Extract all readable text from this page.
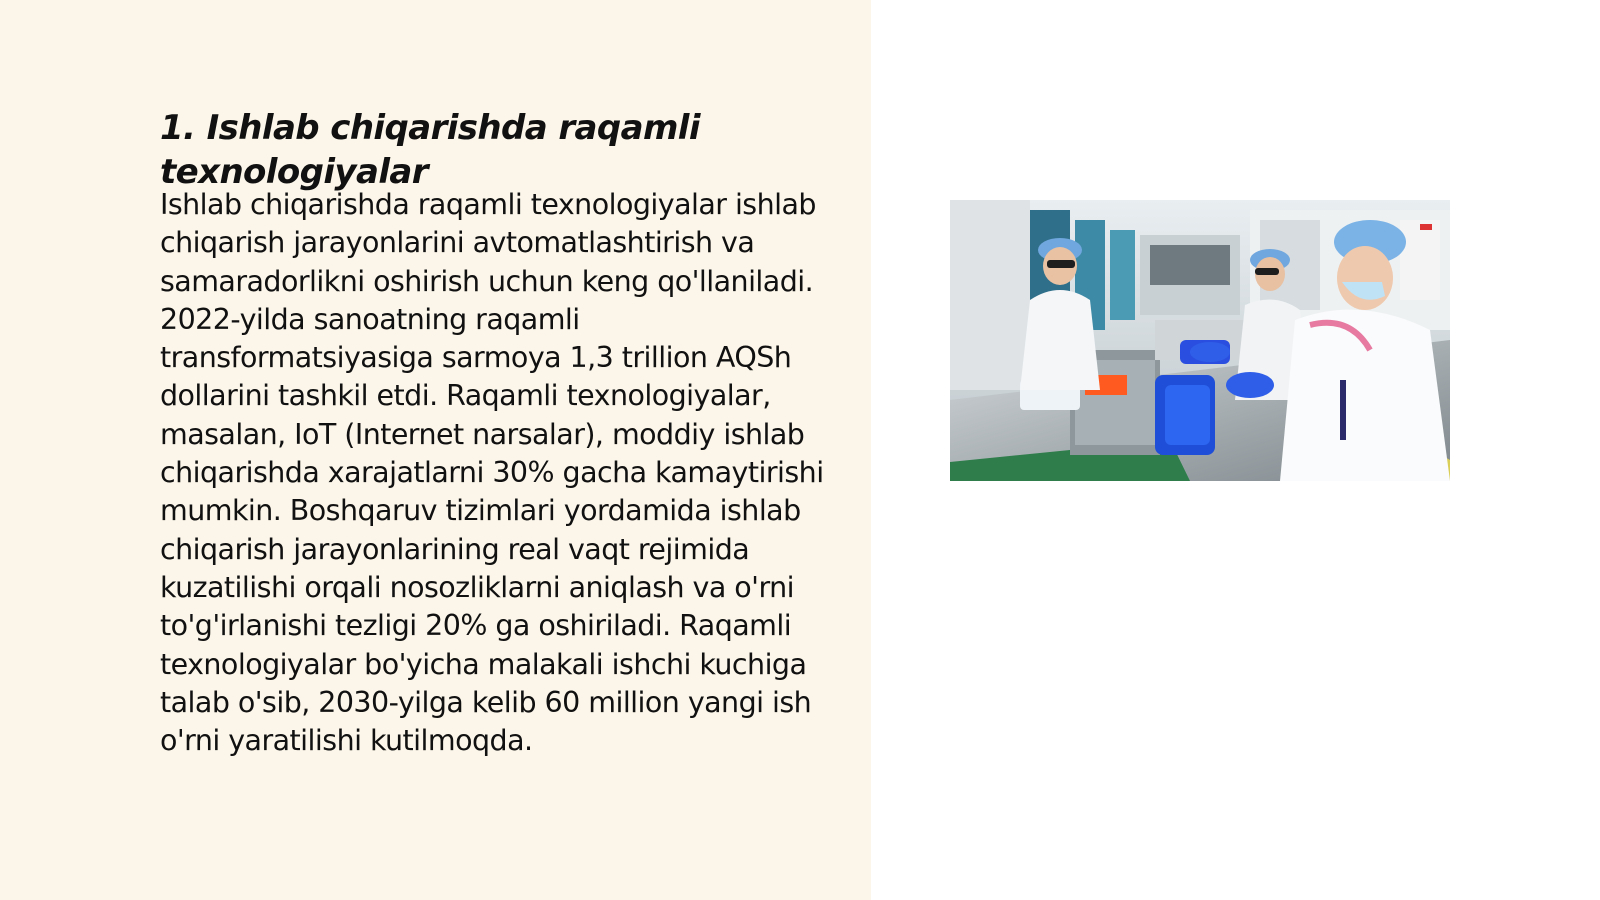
1. Ishlab chiqarishda raqamli texnologiyalar

Ishlab chiqarishda raqamli texnologiyalar ishlab chiqarish jarayonlarini avtomatlashtirish va samaradorlikni oshirish uchun keng qo'llaniladi. 2022-yilda sanoatning raqamli transformatsiyasiga sarmoya 1,3 trillion AQSh dollarini tashkil etdi. Raqamli texnologiyalar, masalan, IoT (Internet narsalar), moddiy ishlab chiqarishda xarajatlarni 30% gacha kamaytirishi mumkin. Boshqaruv tizimlari yordamida ishlab chiqarish jarayonlarining real vaqt rejimida kuzatilishi orqali nosozliklarni aniqlash va o'rni to'g'irlanishi tezligi 20% ga oshiriladi. Raqamli texnologiyalar bo'yicha malakali ishchi kuchiga talab o'sib, 2030-yilga kelib 60 million yangi ish o'rni yaratilishi kutilmoqda.
